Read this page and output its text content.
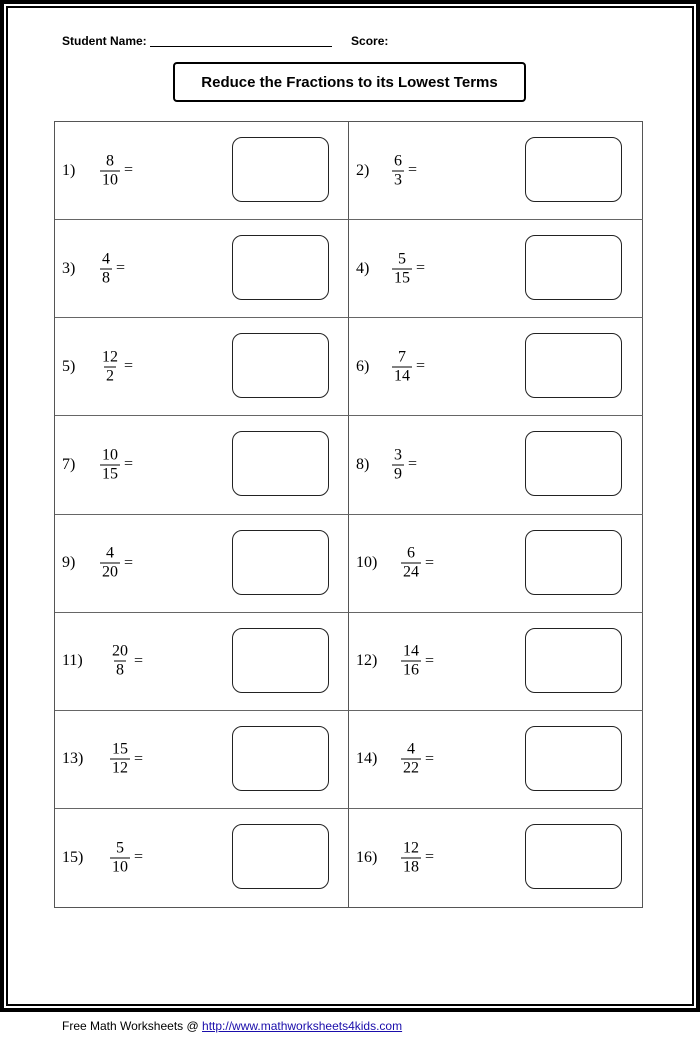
Student Name:	Score:
Reduce the Fractions to its Lowest Terms
$1) \frac{8}{10}$ =	$2) \frac{6}{3}$ =
$3) \frac{4}{8}$ =	$4) \frac{5}{15}$ =
$5) \frac{12}{2}$ =	$6) \frac{7}{14}$ =
$7) \frac{10}{15}$ =	$8) \frac{3}{9}$ =
$9) \frac{4}{20}$ =	$10) \frac{6}{24}$ =
$11) \frac{20}{8}$ =	$12) \frac{14}{16}$ =
$13) \frac{15}{12}$ =	$14) \frac{4}{22}$ =
$15) \frac{5}{10}$ =	$16) \frac{12}{18}$ =
Free Math Worksheets @ http://www.mathworksheets4kids.com
